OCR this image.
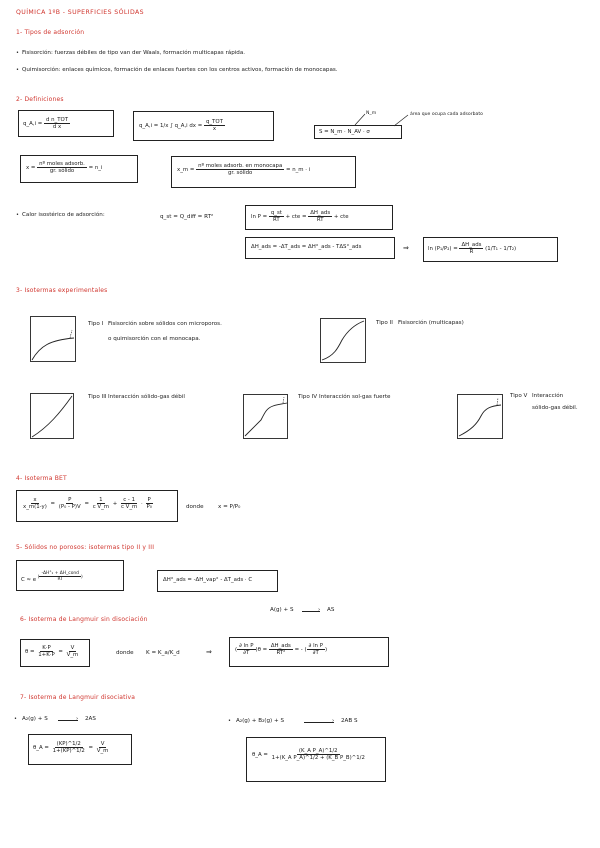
QUÍMICA 1ºB - SUPERFICIES SÓLIDAS
1- Tipos de adsorción
• Fisisorción: fuerzas débiles de tipo van der Waals, formación multicapas rápida.
• Quimisorción: enlaces químicos, formación de enlaces fuertes con los centros activos, formación de monocapas.
2- Definiciones
q_A,i = $\frac{\text{d n\_TOT}}{\text{d x}}$	q_A,i = 1/x ∫ q_A,i dx = $\frac{\text{q\_TOT}}{x}$
N_m	área que ocupa cada adsorbato
S = N_m · N_AV · σ
$x = \frac{\text{nº moles adsorb.}}{\text{gr. sólido}}$ = n_i	x_m = $\frac{\text{nº moles adsorb. en monocapa}}{\text{gr. sólido}}$ = n_m · i
• Calor isostérico de adsorción:	q_st = Q_diff = RT²	$\ln P = \frac{q\_st}{RT}$ + cte = $\frac{\text{ΔH\_ads}}{RT}$ + cte
ΔH_ads = -ΔT_ads = ΔH°_ads - TΔS°_ads	⇒	$\ln (P_1/P_2) = \frac{\text{ΔH\_ads}}{R} (1/T_1 - 1/T_2)$
3- Isotermas experimentales
Tipo I Fisisorción sobre sólidos con microporos.
o quimisorción con el monocapa.
Tipo II Fisisorción (multicapas)
Tipo III Interacción sólido-gas débil	Tipo IV Interacción sol-gas fuerte	Tipo V Interacción
sólido-gas débil.
4- Isoterma BET
$\frac{x}{x\_m(1-y)} = \frac{P}{\text{(P₀ - P)V}} = \frac{1}{\text{c V\_m}} + \frac{c - 1}{\text{c V\_m}} \cdot \frac{P}{\text{P₀}}$	donde	x = P/P₀
5- Sólidos no porosos: isotermas tipo II y III
C ≈ e $^{( \frac{\text{-ΔH°₁ + ΔH\_cond}}{RT} )}$	ΔH°_ads = -ΔH_vap° - ΔT_ads · C
6- Isoterma de Langmuir sin disociación
A(g) + S	› AS
$\theta = \frac{K\cdot P}{1+K\cdot P} = \frac{V}{V\_m}$	donde K = K_a/K_d	⇒	( $\frac{\text{∂ ln P}}{\partial T} )\theta = \frac{\text{ΔH\_ads}}{\text{RT²}}$ = - ( $\frac{\text{∂ ln P}}{\partial T}$ )
7- Isoterma de Langmuir disociativa
• A₂(g) + S	› 2AS
θ_A = $\frac{(KP)\^{}1/2}{1+(KP)\^{}1/2} = \frac{V}{V\_m}$
• A₂(g) + B₂(g) + S	› 2AB S
θ_A = $\frac{\text{(K\_A P\_A)\textasciicircum{}1/2}}{\text{1+(K\_A P\_A)\textasciicircum{}1/2 + (K\_B P\_B)\textasciicircum{}1/2}}$
